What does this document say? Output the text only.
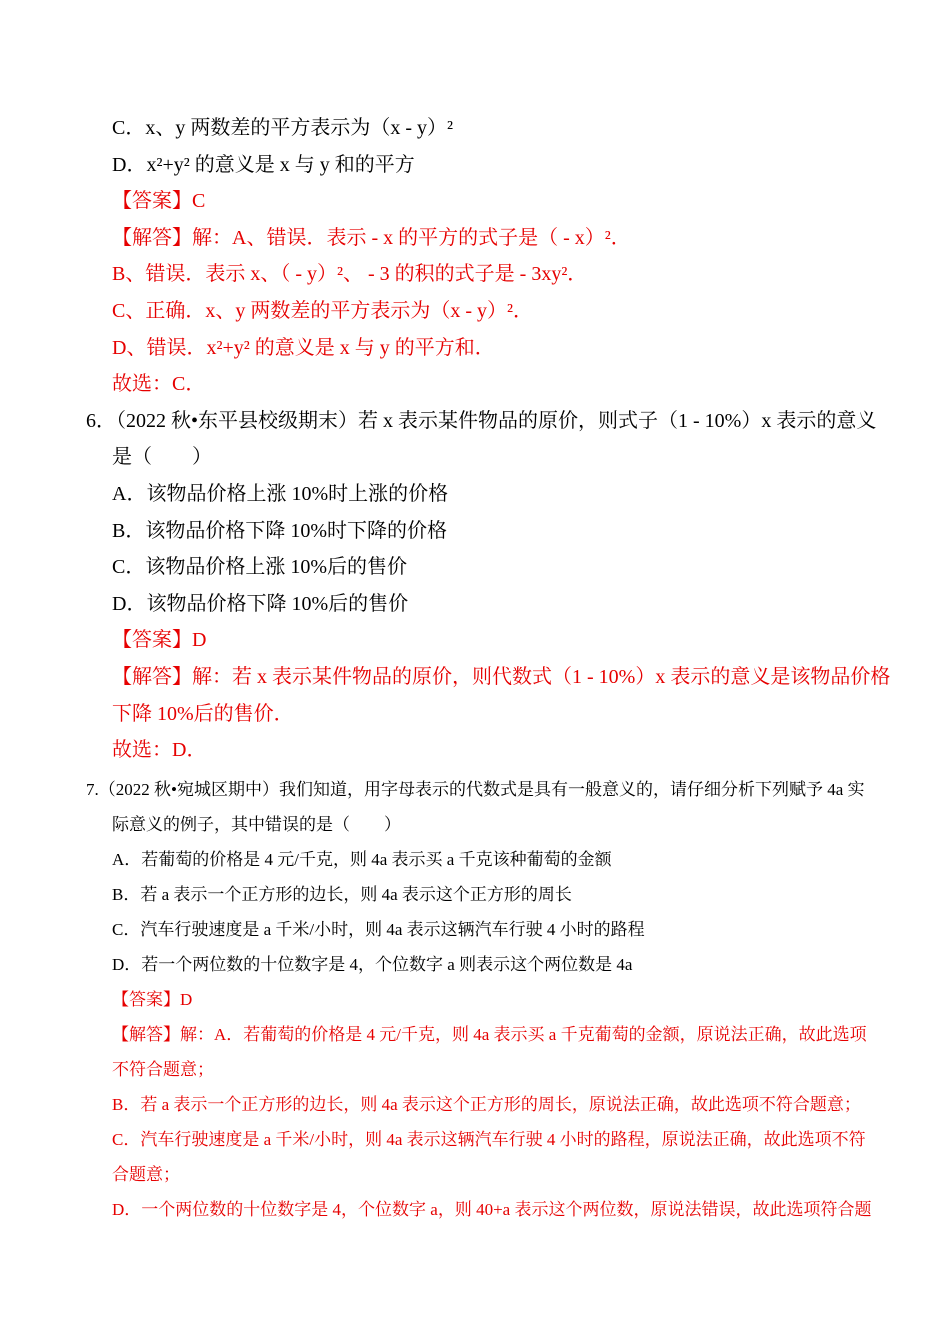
C．x、y 两数差的平方表示为（x - y）²
D．x²+y² 的意义是 x 与 y 和的平方
【答案】C
【解答】解：A、错误．表示 - x 的平方的式子是（ - x）²．
B、错误．表示 x、（ - y）²、 - 3 的积的式子是 - 3xy²．
C、正确．x、y 两数差的平方表示为（x - y）²．
D、错误．x²+y² 的意义是 x 与 y 的平方和．
故选：C．
6．（2022 秋•东平县校级期末）若 x 表示某件物品的原价，则式子（1 - 10%）x 表示的意义
是（　　）
A．该物品价格上涨 10%时上涨的价格
B．该物品价格下降 10%时下降的价格
C．该物品价格上涨 10%后的售价
D．该物品价格下降 10%后的售价
【答案】D
【解答】解：若 x 表示某件物品的原价，则代数式（1 - 10%）x 表示的意义是该物品价格
下降 10%后的售价．
故选：D．
7.（2022 秋•宛城区期中）我们知道，用字母表示的代数式是具有一般意义的，请仔细分析下列赋予 4a 实
际意义的例子，其中错误的是（　　）
A．若葡萄的价格是 4 元/千克，则 4a 表示买 a 千克该种葡萄的金额
B．若 a 表示一个正方形的边长，则 4a 表示这个正方形的周长
C．汽车行驶速度是 a 千米/小时，则 4a 表示这辆汽车行驶 4 小时的路程
D．若一个两位数的十位数字是 4，个位数字 a 则表示这个两位数是 4a
【答案】D
【解答】解：A．若葡萄的价格是 4 元/千克，则 4a 表示买 a 千克葡萄的金额，原说法正确，故此选项
不符合题意；
B．若 a 表示一个正方形的边长，则 4a 表示这个正方形的周长，原说法正确，故此选项不符合题意；
C．汽车行驶速度是 a 千米/小时，则 4a 表示这辆汽车行驶 4 小时的路程，原说法正确，故此选项不符
合题意；
D．一个两位数的十位数字是 4，个位数字 a，则 40+a 表示这个两位数，原说法错误，故此选项符合题
